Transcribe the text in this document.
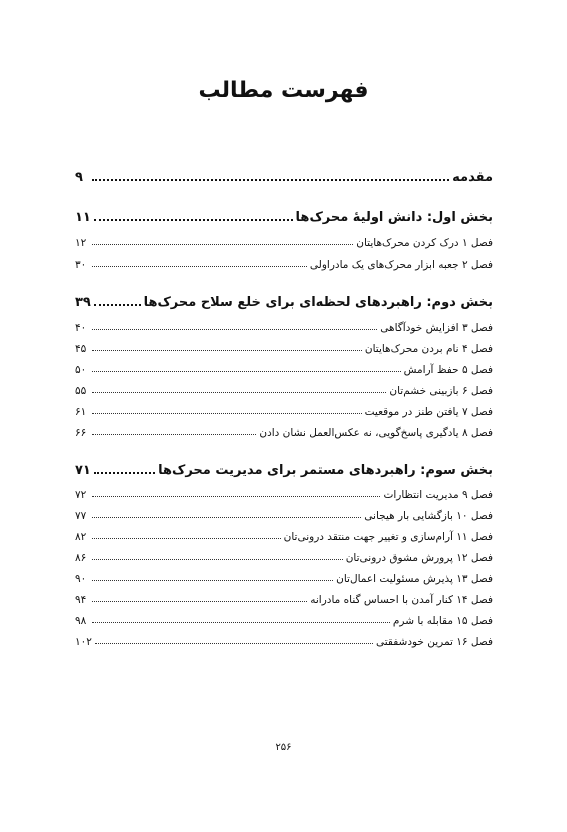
فهرست مطالب
مقدمه
۹
بخش اول: دانش اولیۀ محرک‌ها
۱۱
فصل ۱ درک کردن محرک‌هایتان
۱۲
فصل ۲ جعبه ابزار محرک‌های یک مادراولی
۳۰
بخش دوم: راهبردهای لحظه‌ای برای خلع سلاح محرک‌ها
۳۹
فصل ۳ افزایش خودآگاهی
۴۰
فصل ۴ نام بردن محرک‌هایتان
۴۵
فصل ۵ حفظ آرامش
۵۰
فصل ۶ بازبینی خشم‌تان
۵۵
فصل ۷ یافتن طنز در موقعیت
۶۱
فصل ۸ یادگیری پاسخ‌گویی، نه عکس‌العمل نشان دادن
۶۶
بخش سوم: راهبردهای مستمر برای مدیریت محرک‌ها
۷۱
فصل ۹ مدیریت انتظارات
۷۲
فصل ۱۰ بازگشایی بار هیجانی
۷۷
فصل ۱۱ آرام‌سازی و تغییر جهت منتقد درونی‌تان
۸۲
فصل ۱۲ پرورش مشوق درونی‌تان
۸۶
فصل ۱۳ پذیرش مسئولیت اعمال‌تان
۹۰
فصل ۱۴ کنار آمدن با احساس گناه مادرانه
۹۴
فصل ۱۵ مقابله با شرم
۹۸
فصل ۱۶ تمرین خودشفقتی
۱۰۲
۲۵۶
